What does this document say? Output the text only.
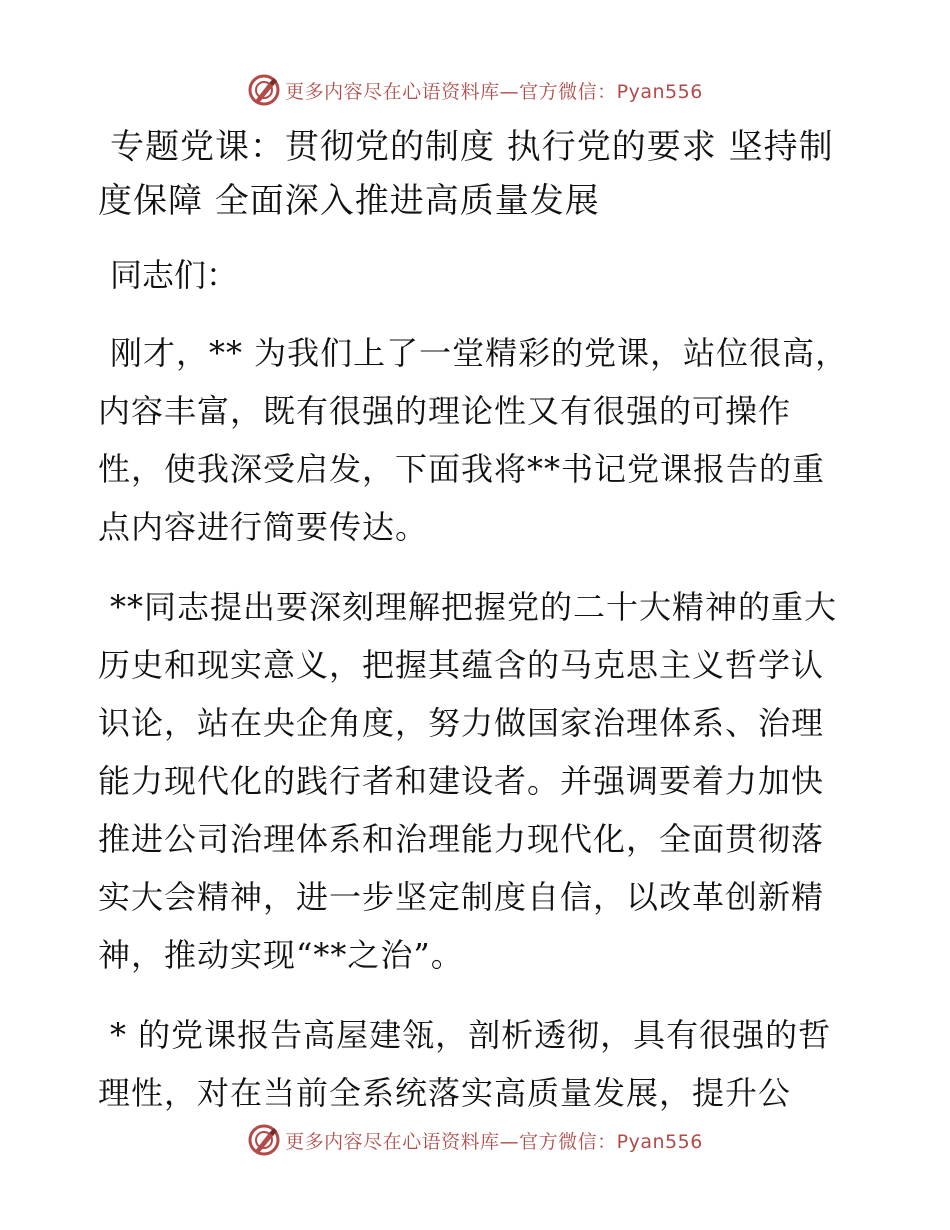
更多内容尽在心语资料库—官方微信：Pyan556
专题党课：贯彻党的制度 执行党的要求 坚持制
度保障 全面深入推进高质量发展

同志们：

刚才，** 为我们上了一堂精彩的党课，站位很高，内容丰富，既有很强的理论性又有很强的可操作性，使我深受启发，下面我将**书记党课报告的重点内容进行简要传达。

**同志提出要深刻理解把握党的二十大精神的重大历史和现实意义，把握其蕴含的马克思主义哲学认识论，站在央企角度，努力做国家治理体系、治理能力现代化的践行者和建设者。并强调要着力加快推进公司治理体系和治理能力现代化，全面贯彻落实大会精神，进一步坚定制度自信，以改革创新精神，推动实现“**之治”。

* 的党课报告高屋建瓴，剖析透彻，具有很强的哲理性，对在当前全系统落实高质量发展，提升公

更多内容尽在心语资料库—官方微信：Pyan556
